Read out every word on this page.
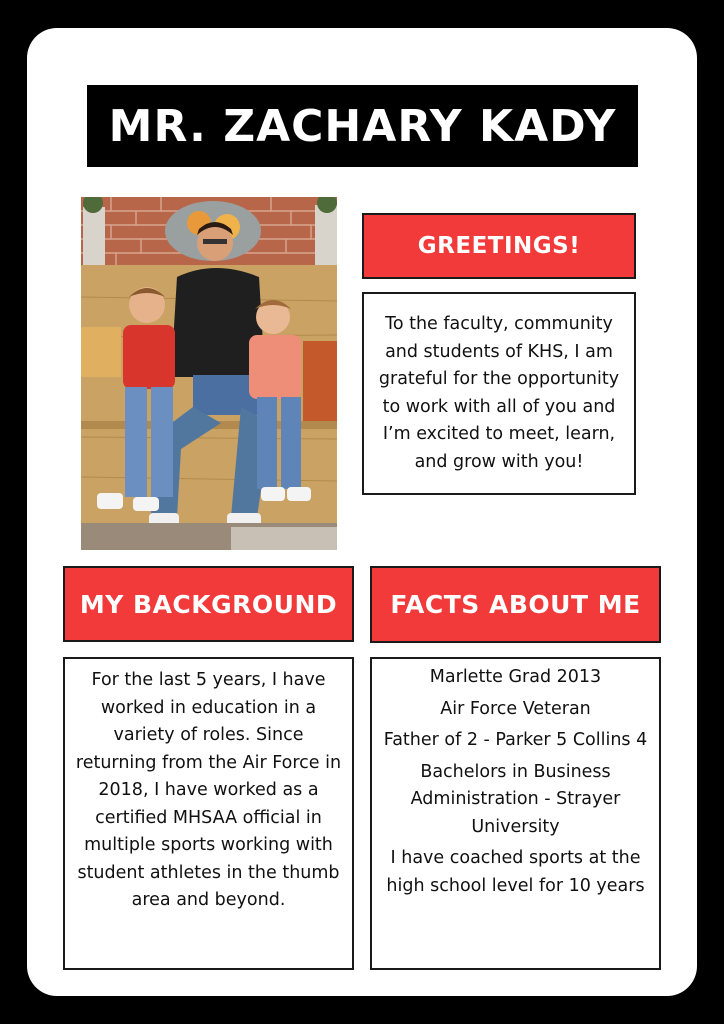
MR. ZACHARY KADY
GREETINGS!
To the faculty, community and students of KHS, I am grateful for the opportunity to work with all of you and I’m excited to meet, learn, and grow with you!
MY BACKGROUND FACTS ABOUT ME
For the last 5 years, I have worked in education in a variety of roles. Since returning from the Air Force in 2018, I have worked as a certified MHSAA official in multiple sports working with student athletes in the thumb area and beyond.

Marlette Grad 2013

Air Force Veteran

Father of 2 - Parker 5 Collins 4

Bachelors in Business Administration - Strayer University

I have coached sports at the high school level for 10 years
